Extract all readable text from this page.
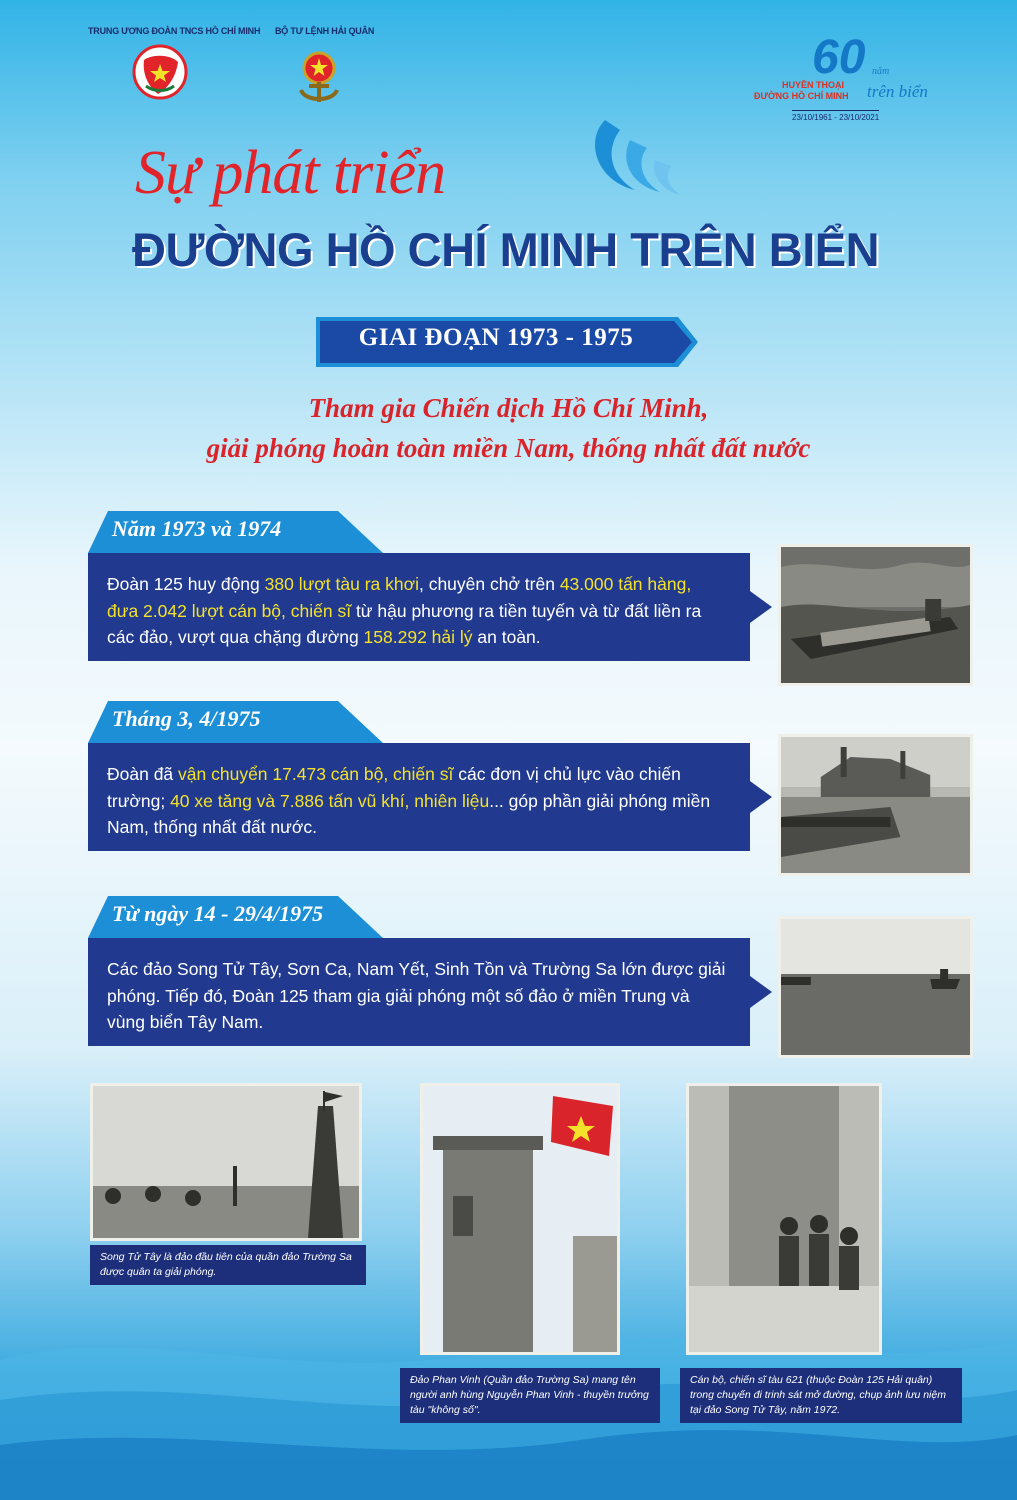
TRUNG ƯƠNG ĐOÀN TNCS HỒ CHÍ MINH BỘ TƯ LỆNH HẢI QUÂN	60 năm
HUYỀN THOẠI
ĐƯỜNG HỒ CHÍ MINH trên biển
23/10/1961 - 23/10/2021
Sự phát triển
ĐƯỜNG HỒ CHÍ MINH TRÊN BIỂN
GIAI ĐOẠN 1973 - 1975
Tham gia Chiến dịch Hồ Chí Minh,
giải phóng hoàn toàn miền Nam, thống nhất đất nước
Năm 1973 và 1974
Đoàn 125 huy động 380 lượt tàu ra khơi, chuyên chở trên 43.000 tấn hàng, đưa 2.042 lượt cán bộ, chiến sĩ từ hậu phương ra tiền tuyến và từ đất liền ra các đảo, vượt qua chặng đường 158.292 hải lý an toàn.
Tháng 3, 4/1975
Đoàn đã vận chuyển 17.473 cán bộ, chiến sĩ các đơn vị chủ lực vào chiến trường; 40 xe tăng và 7.886 tấn vũ khí, nhiên liệu... góp phần giải phóng miền Nam, thống nhất đất nước.
Từ ngày 14 - 29/4/1975
Các đảo Song Tử Tây, Sơn Ca, Nam Yết, Sinh Tồn và Trường Sa lớn được giải phóng. Tiếp đó, Đoàn 125 tham gia giải phóng một số đảo ở miền Trung và vùng biển Tây Nam.
Song Tử Tây là đảo đầu tiên của quần đảo Trường Sa được quân ta giải phóng.
Đảo Phan Vinh (Quần đảo Trường Sa) mang tên người anh hùng Nguyễn Phan Vinh - thuyền trưởng tàu "không số".
Cán bộ, chiến sĩ tàu 621 (thuộc Đoàn 125 Hải quân) trong chuyến đi trinh sát mở đường, chụp ảnh lưu niệm tại đảo Song Tử Tây, năm 1972.
